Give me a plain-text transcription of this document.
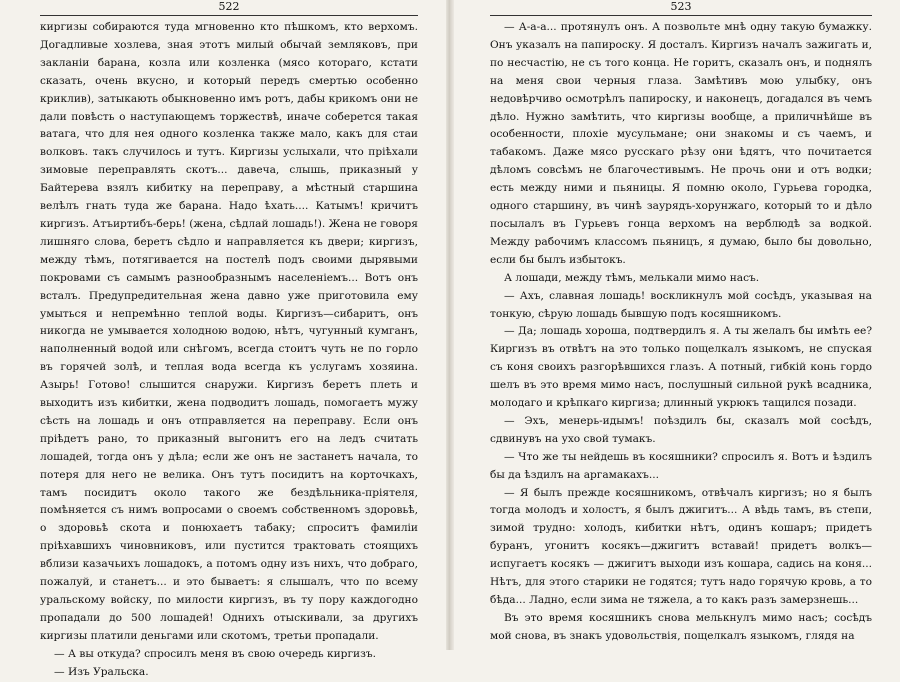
522

киргизы собираются туда мгновенно кто пѣшкомъ, кто верхомъ. Догадливые хозлева, зная этотъ милый обычай земляковъ, при закланіи барана, козла или козленка (мясо котораго, кстати сказать, очень вкусно, и который передъ смертью особенно криклив), затыкають обыкновенно имъ ротъ, дабы крикомъ они не дали повѣсть о наступающемъ торжествѣ, иначе соберется такая ватага, что для нея одного козленка также мало, какъ для стаи волковъ. такъ случилось и тутъ. Киргизы услыхали, что пріѣхали зимовые переправлять скотъ... давеча, слышь, приказный у Байтерева взялъ кибитку на переправу, а мѣстный старшина велѣлъ гнать туда же барана. Надо ѣхать.... Катымъ! кричитъ киргизъ. Атъиртибъ-берь! (жена, сѣдлай лошадь!). Жена не говоря лишняго слова, беретъ сѣдло и направляется къ двери; киргизъ, между тѣмъ, потягивается на постелѣ подъ своими дырявыми покровами съ самымъ разнообразнымъ населеніемъ... Вотъ онъ всталъ. Предупредительная жена давно уже приготовила ему умыться и непремѣнно теплой воды. Киргизъ—сибаритъ, онъ никогда не умывается холодною водою, нѣтъ, чугунный кумганъ, наполненный водой или снѣгомъ, всегда стоитъ чуть не по горло въ горячей золѣ, и теплая вода всегда къ услугамъ хозяина. Азырь! Готово! слышится снаружи. Киргизъ беретъ плеть и выходитъ изъ кибитки, жена подводитъ лошадь, помогаетъ мужу сѣсть на лошадь и онъ отправляется на переправу. Если онъ пріѣдетъ рано, то приказный выгонитъ его на ледъ считать лошадей, тогда онъ у дѣла; если же онъ не застанетъ начала, то потеря для него не велика. Онъ тутъ посидитъ на корточкахъ, тамъ посидитъ около такого же бездѣльника-пріятеля, помѣняется съ нимъ вопросами о своемъ собственномъ здоровьѣ, о здоровьѣ скота и понюхаетъ табаку; спроситъ фамиліи пріѣхавшихъ чиновниковъ, или пустится трактовать стоящихъ вблизи казачьихъ лошадокъ, а потомъ одну изъ нихъ, что добраго, пожалуй, и станетъ... и это бываетъ: я слышалъ, что по всему уральскому войску, по милости киргизъ, въ ту пору каждогодно пропадали до 500 лошадей! Одниxъ отыскивали, за другихъ киргизы платили деньгами или скотомъ, третьи пропадали.

— А вы откуда? спросилъ меня въ свою очередь киргизъ.

— Изъ Уральска.

523

— А-а-а... протянулъ онъ. А позвольте мнѣ одну такую бумажку. Онъ указалъ на папироску. Я досталъ. Киргизъ началъ зажигать и, по несчастію, не съ того конца. Не горитъ, сказалъ онъ, и поднялъ на меня свои черныя глаза. Замѣтивъ мою улыбку, онъ недовѣрчиво осмотрѣлъ папироску, и наконецъ, догадался въ чемъ дѣло. Нужно замѣтить, что киргизы вообще, а приличнѣйше въ особенности, плохіе мусульмане; они знакомы и съ чаемъ, и табакомъ. Даже мясо русскаго рѣзу они ѣдятъ, что почитается дѣломъ совсѣмъ не благочестивымъ. Не прочь они и отъ водки; есть между ними и пьяницы. Я помню около, Гурьева городка, одного старшину, въ чинѣ заурядъ-хорунжаго, который то и дѣло посылалъ въ Гурьевъ гонца верхомъ на верблюдѣ за водкой. Между рабочимъ классомъ пьяницъ, я думаю, было бы довольно, если бы былъ избытокъ.

А лошади, между тѣмъ, мелькали мимо насъ.

— Ахъ, славная лошадь! воскликнулъ мой сосѣдъ, указывая на тонкую, сѣрую лошадь бывшую подъ косяшникомъ.

— Да; лошадь хороша, подтвердилъ я. А ты желалъ бы имѣть ее? Киргизъ въ отвѣтъ на это только пощелкалъ языкомъ, не спуская съ коня своихъ разгорѣвшихся глазъ. А потный, гибкій конь гордо шелъ въ это время мимо насъ, послушный сильной рукѣ всадника, молодаго и крѣпкаго киргиза; длинный укрюкъ тащился позади.

— Эхъ, менерь-идымъ! поѣздилъ бы, сказалъ мой сосѣдъ, сдвинувъ на ухо свой тумакъ.

— Что же ты нейдешь въ косяшники? спросилъ я. Вотъ и ѣздилъ бы да ѣздилъ на аргамакахъ...

— Я былъ прежде косяшникомъ, отвѣчалъ киргизъ; но я былъ тогда молодъ и холостъ, я былъ джигитъ... А вѣдь тамъ, въ степи, зимой трудно: холодъ, кибитки нѣтъ, одинъ кошаръ; придетъ буранъ, угонитъ косякъ—джигитъ вставай! придетъ волкъ—испугаетъ косякъ — джигитъ выходи изъ кошара, садись на коня... Нѣтъ, для этого старики не годятся; тутъ надо горячую кровь, а то бѣда... Ладно, если зима не тяжела, а то какъ разъ замерзнешь...

Въ это время косяшникъ снова мелькнулъ мимо насъ; сосѣдъ мой снова, въ знакъ удовольствія, пощелкалъ языкомъ, глядя на
